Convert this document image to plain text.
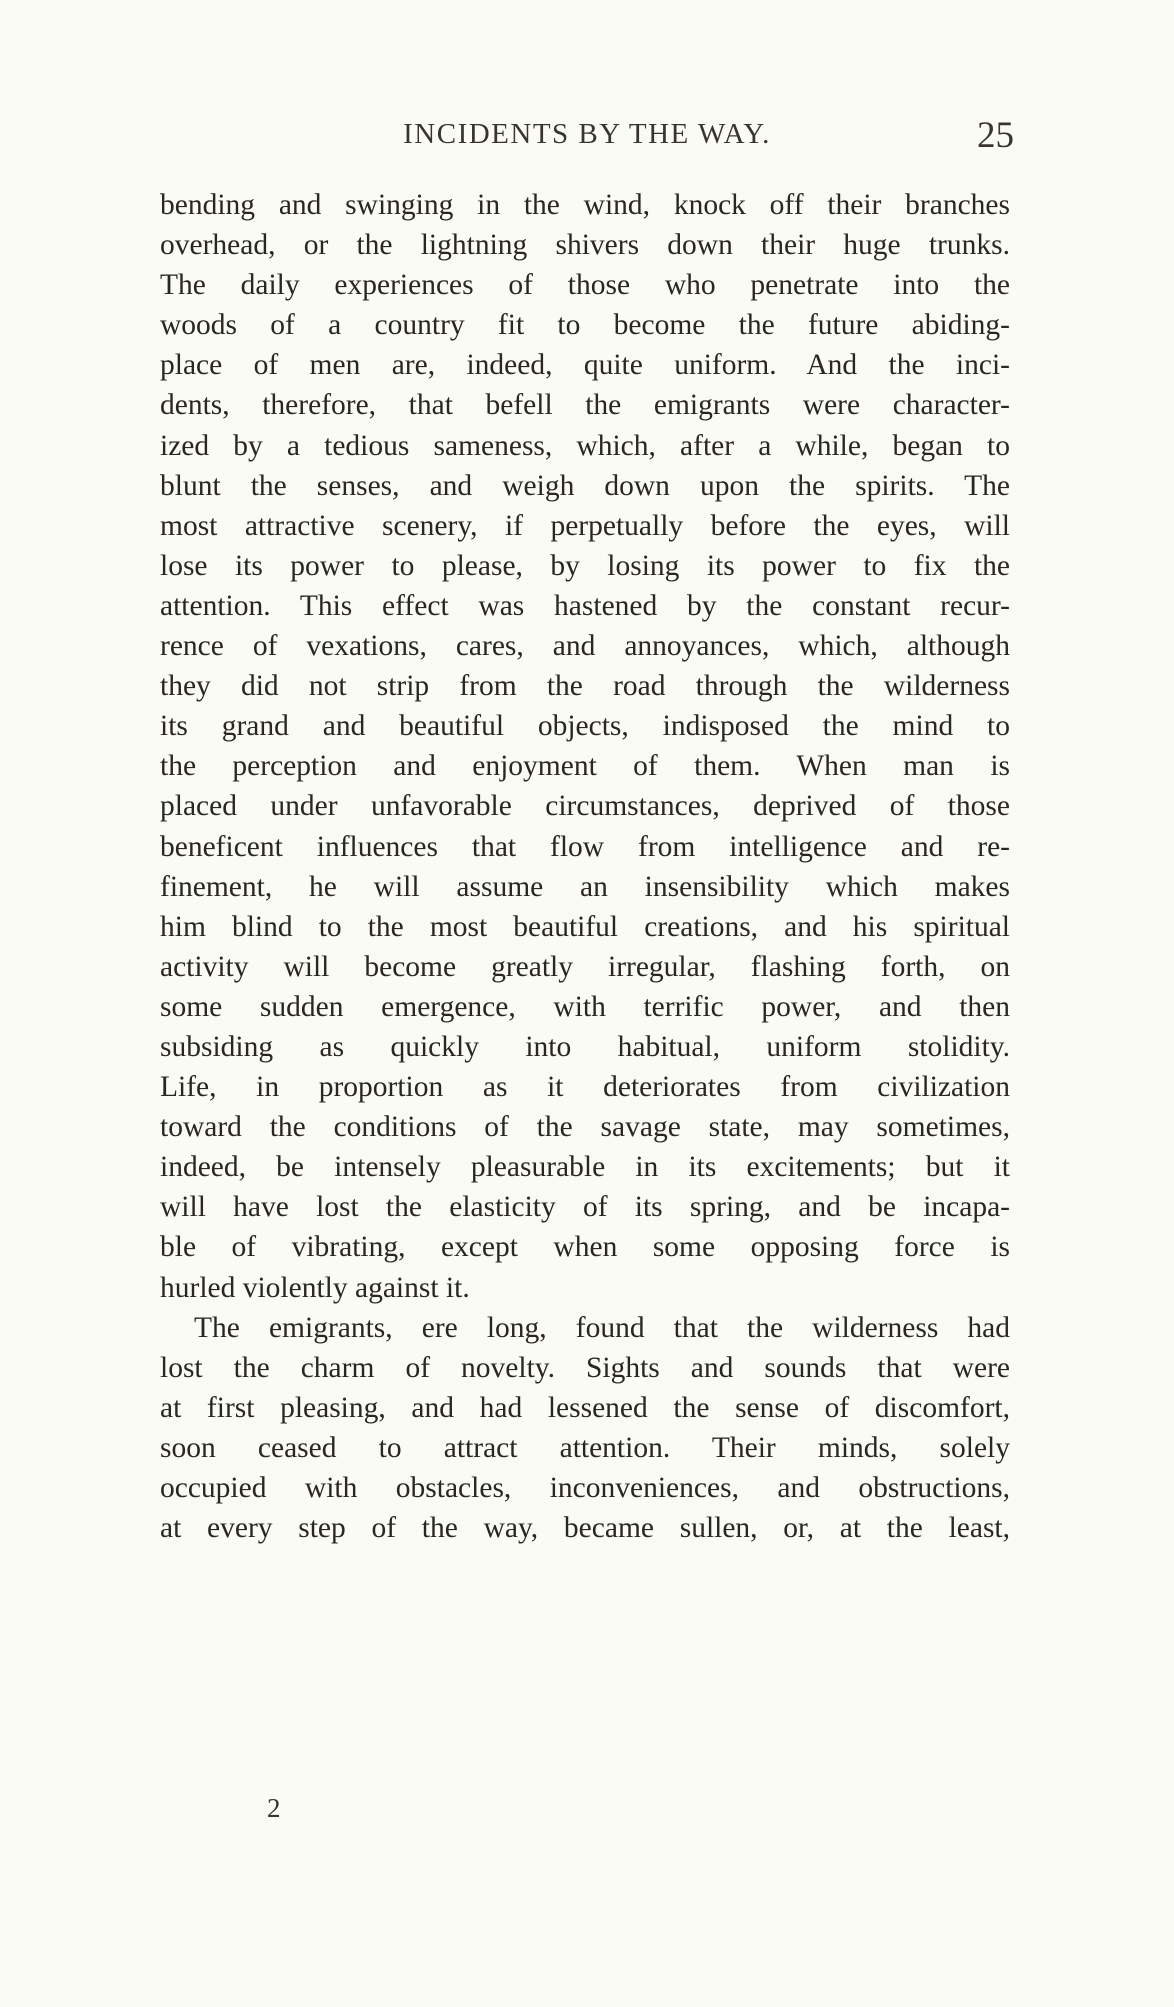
INCIDENTS BY THE WAY.	25
bending and swinging in the wind, knock off their branches
overhead, or the lightning shivers down their huge trunks.
The daily experiences of those who penetrate into the
woods of a country fit to become the future abiding-
place of men are, indeed, quite uniform. And the inci-
dents, therefore, that befell the emigrants were character-
ized by a tedious sameness, which, after a while, began to
blunt the senses, and weigh down upon the spirits. The
most attractive scenery, if perpetually before the eyes, will
lose its power to please, by losing its power to fix the
attention. This effect was hastened by the constant recur-
rence of vexations, cares, and annoyances, which, although
they did not strip from the road through the wilderness
its grand and beautiful objects, indisposed the mind to
the perception and enjoyment of them. When man is
placed under unfavorable circumstances, deprived of those
beneficent influences that flow from intelligence and re-
finement, he will assume an insensibility which makes
him blind to the most beautiful creations, and his spiritual
activity will become greatly irregular, flashing forth, on
some sudden emergence, with terrific power, and then
subsiding as quickly into habitual, uniform stolidity.
Life, in proportion as it deteriorates from civilization
toward the conditions of the savage state, may sometimes,
indeed, be intensely pleasurable in its excitements; but it
will have lost the elasticity of its spring, and be incapa-
ble of vibrating, except when some opposing force is
hurled violently against it.
The emigrants, ere long, found that the wilderness had
lost the charm of novelty. Sights and sounds that were
at first pleasing, and had lessened the sense of discomfort,
soon ceased to attract attention. Their minds, solely
occupied with obstacles, inconveniences, and obstructions,
at every step of the way, became sullen, or, at the least,
2
